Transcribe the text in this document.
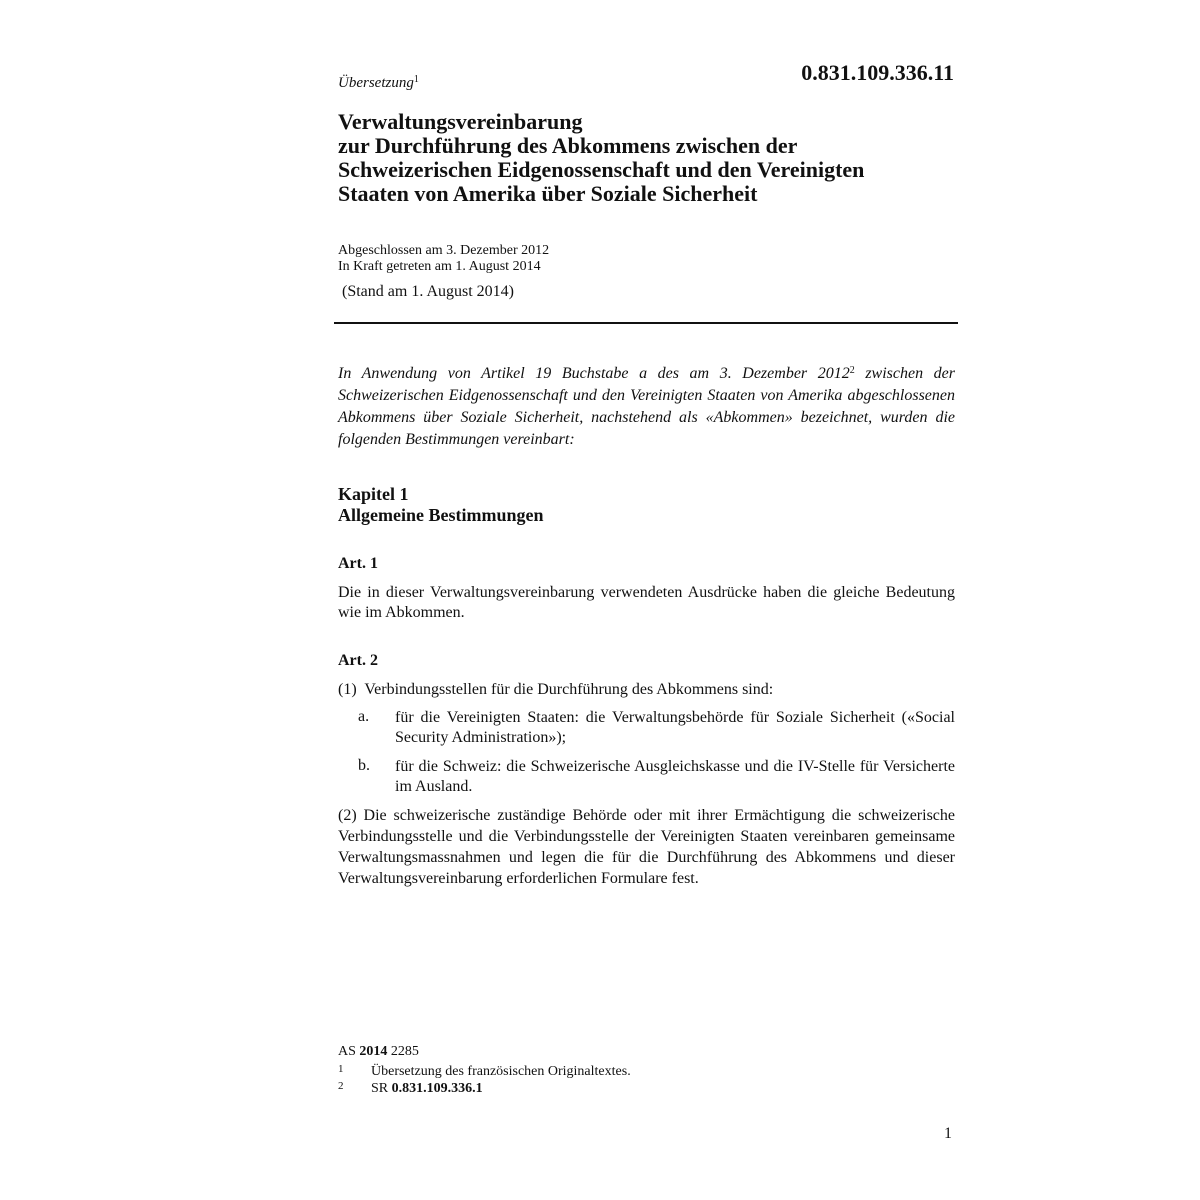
0.831.109.336.11
Übersetzung$^1$
Verwaltungsvereinbarung
zur Durchführung des Abkommens zwischen der
Schweizerischen Eidgenossenschaft und den Vereinigten
Staaten von Amerika über Soziale Sicherheit
Abgeschlossen am 3. Dezember 2012
In Kraft getreten am 1. August 2014
(Stand am 1. August 2014)
In Anwendung von Artikel 19 Buchstabe a des am 3. Dezember 2012$^2$ zwischen der Schweizerischen Eidgenossenschaft und den Vereinigten Staaten von Amerika abgeschlossenen Abkommens über Soziale Sicherheit, nachstehend als «Abkommen» bezeichnet, wurden die folgenden Bestimmungen vereinbart:
Kapitel 1
Allgemeine Bestimmungen
Art. 1
Die in dieser Verwaltungsvereinbarung verwendeten Ausdrücke haben die gleiche Bedeutung wie im Abkommen.
Art. 2
(1)  Verbindungsstellen für die Durchführung des Abkommens sind:
a. für die Vereinigten Staaten: die Verwaltungsbehörde für Soziale Sicherheit («Social Security Administration»);
b. für die Schweiz: die Schweizerische Ausgleichskasse und die IV-Stelle für Versicherte im Ausland.
(2) Die schweizerische zuständige Behörde oder mit ihrer Ermächtigung die schweizerische Verbindungsstelle und die Verbindungsstelle der Vereinigten Staaten vereinbaren gemeinsame Verwaltungsmassnahmen und legen die für die Durchführung des Abkommens und dieser Verwaltungsvereinbarung erforderlichen Formulare fest.
AS 2014 2285
1 Übersetzung des französischen Originaltextes.
2 SR 0.831.109.336.1
1
